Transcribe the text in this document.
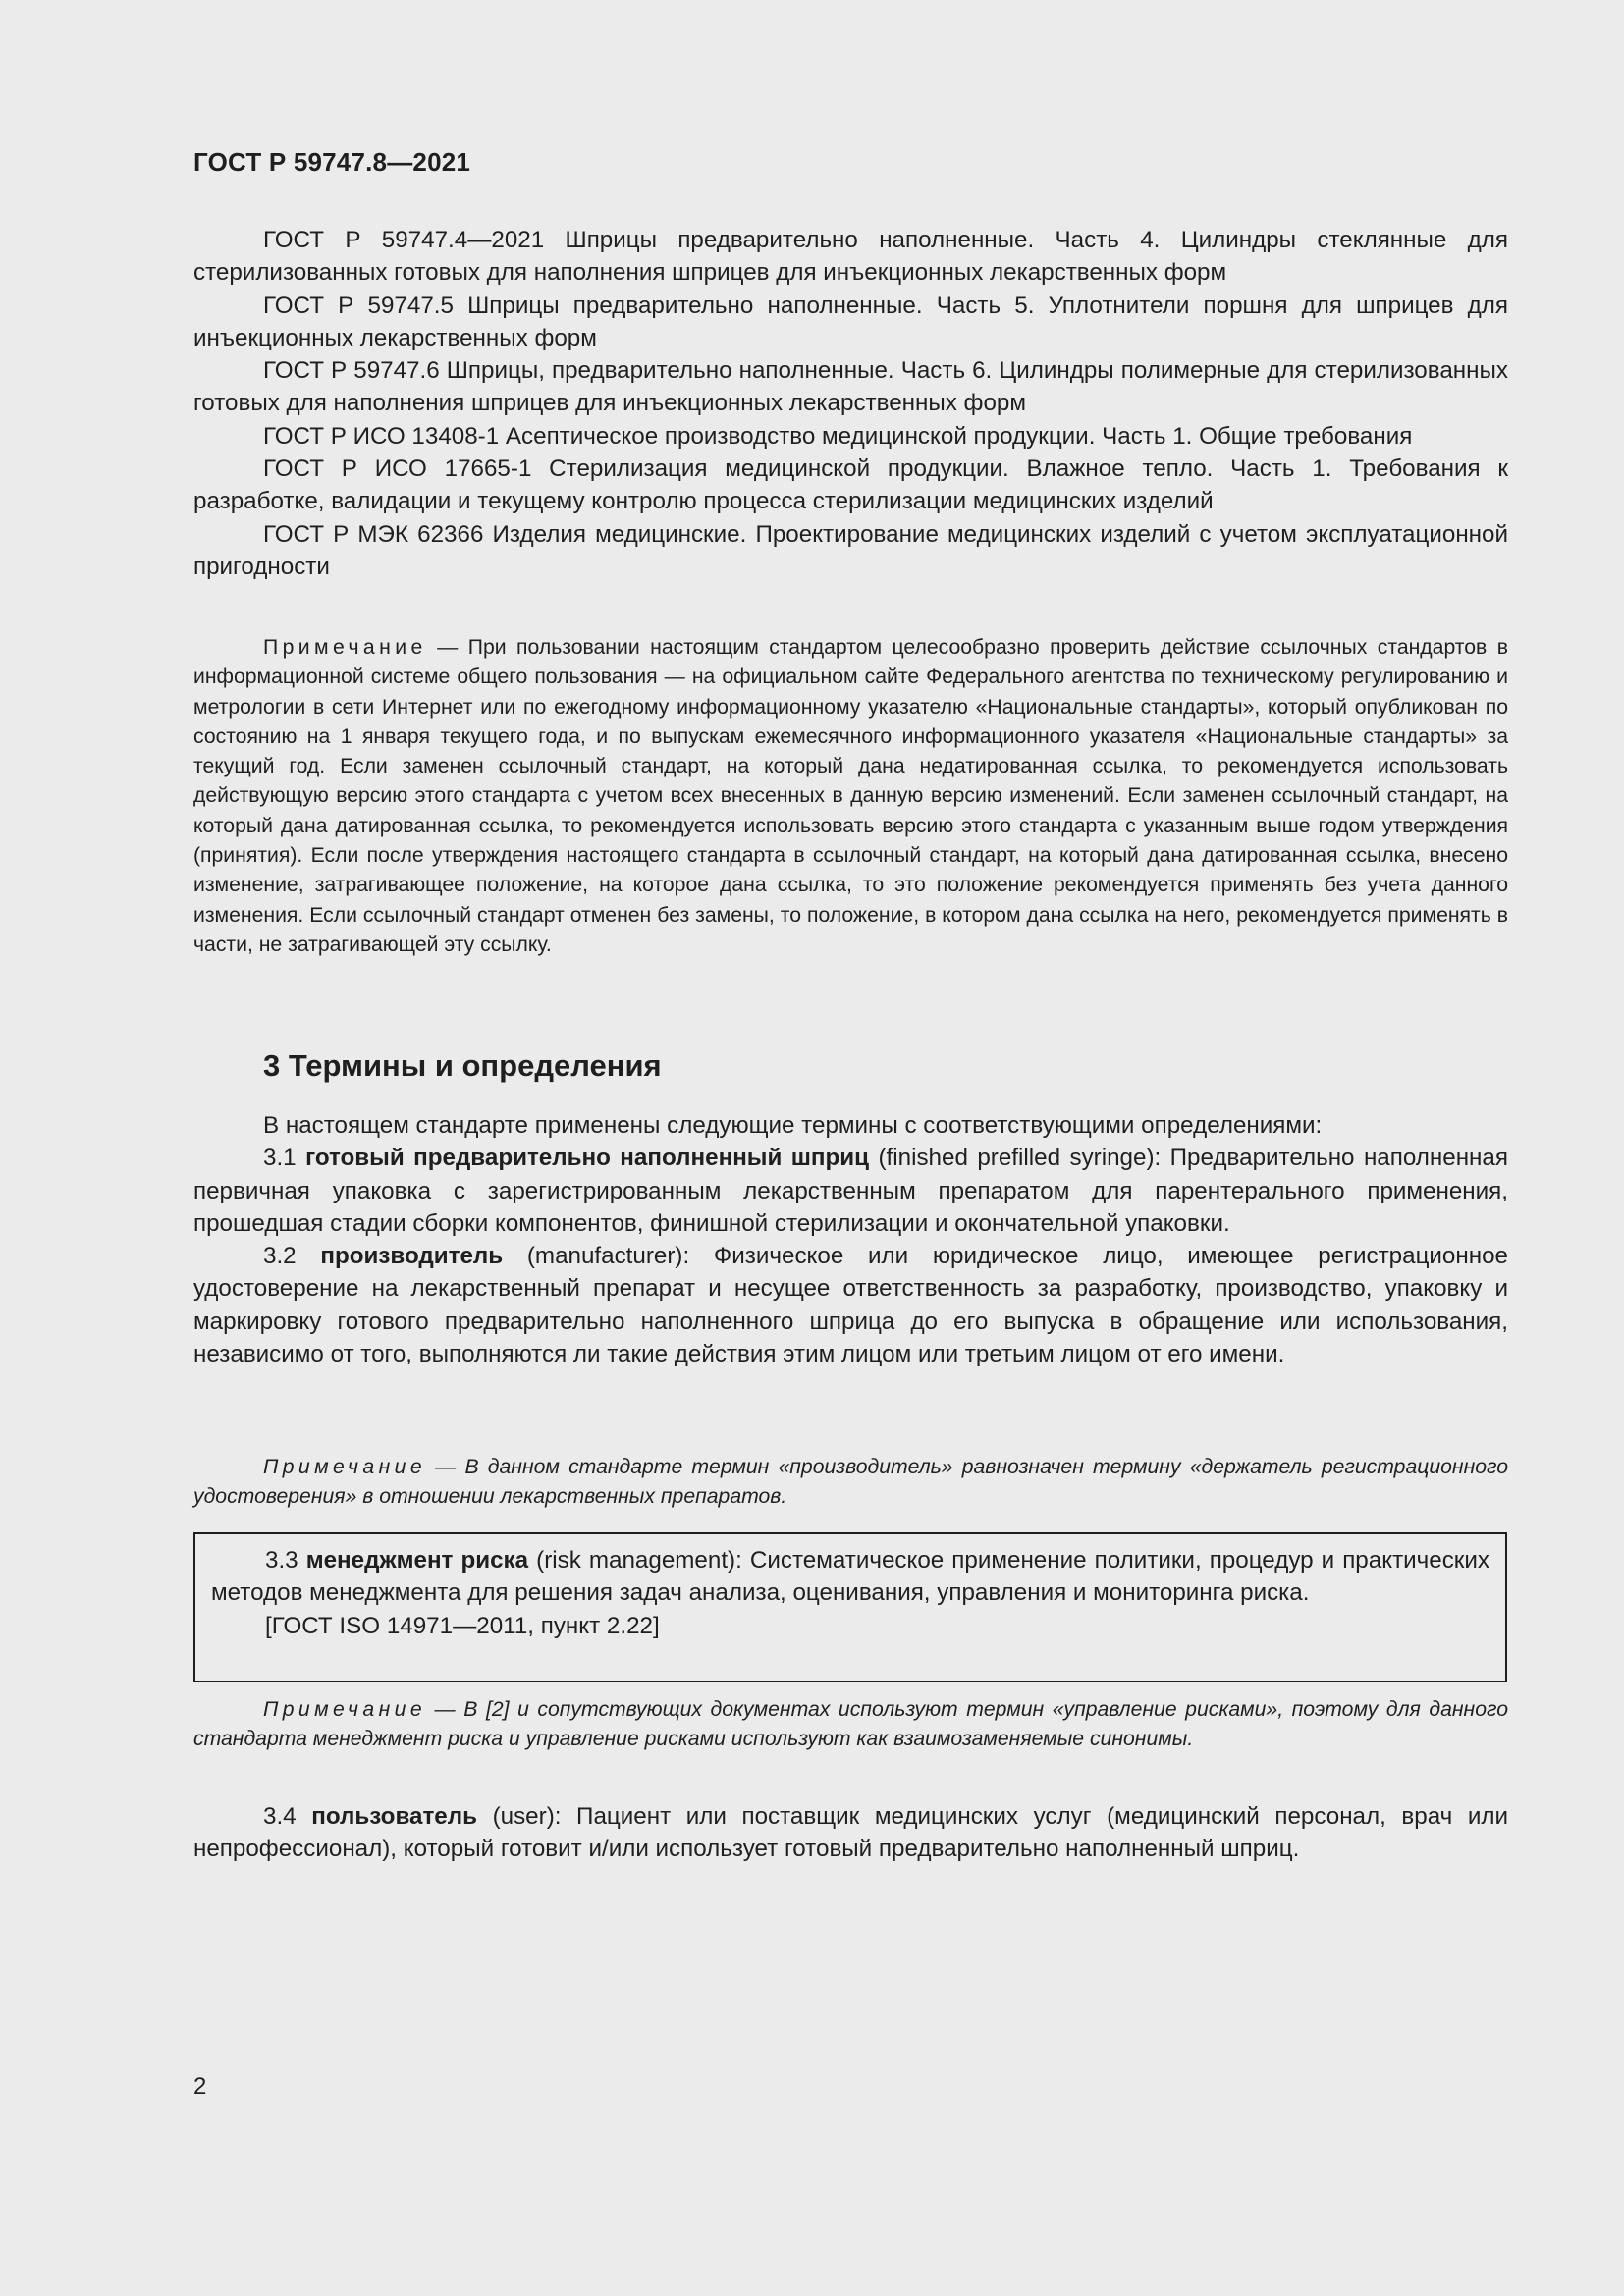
ГОСТ Р 59747.8—2021

ГОСТ Р 59747.4—2021 Шприцы предварительно наполненные. Часть 4. Цилиндры стеклянные для стерилизованных готовых для наполнения шприцев для инъекционных лекарственных форм

ГОСТ Р 59747.5 Шприцы предварительно наполненные. Часть 5. Уплотнители поршня для шприцев для инъекционных лекарственных форм

ГОСТ Р 59747.6 Шприцы, предварительно наполненные. Часть 6. Цилиндры полимерные для стерилизованных готовых для наполнения шприцев для инъекционных лекарственных форм

ГОСТ Р ИСО 13408-1 Асептическое производство медицинской продукции. Часть 1. Общие требования

ГОСТ Р ИСО 17665-1 Стерилизация медицинской продукции. Влажное тепло. Часть 1. Требования к разработке, валидации и текущему контролю процесса стерилизации медицинских изделий

ГОСТ Р МЭК 62366 Изделия медицинские. Проектирование медицинских изделий с учетом эксплуатационной пригодности

Примечание — При пользовании настоящим стандартом целесообразно проверить действие ссылочных стандартов в информационной системе общего пользования — на официальном сайте Федерального агентства по техническому регулированию и метрологии в сети Интернет или по ежегодному информационному указателю «Национальные стандарты», который опубликован по состоянию на 1 января текущего года, и по выпускам ежемесячного информационного указателя «Национальные стандарты» за текущий год. Если заменен ссылочный стандарт, на который дана недатированная ссылка, то рекомендуется использовать действующую версию этого стандарта с учетом всех внесенных в данную версию изменений. Если заменен ссылочный стандарт, на который дана датированная ссылка, то рекомендуется использовать версию этого стандарта с указанным выше годом утверждения (принятия). Если после утверждения настоящего стандарта в ссылочный стандарт, на который дана датированная ссылка, внесено изменение, затрагивающее положение, на которое дана ссылка, то это положение рекомендуется применять без учета данного изменения. Если ссылочный стандарт отменен без замены, то положение, в котором дана ссылка на него, рекомендуется применять в части, не затрагивающей эту ссылку.

3 Термины и определения

В настоящем стандарте применены следующие термины с соответствующими определениями:

3.1 готовый предварительно наполненный шприц (finished prefilled syringe): Предварительно наполненная первичная упаковка с зарегистрированным лекарственным препаратом для парентерального применения, прошедшая стадии сборки компонентов, финишной стерилизации и окончательной упаковки.

3.2 производитель (manufacturer): Физическое или юридическое лицо, имеющее регистрационное удостоверение на лекарственный препарат и несущее ответственность за разработку, производство, упаковку и маркировку готового предварительно наполненного шприца до его выпуска в обращение или использования, независимо от того, выполняются ли такие действия этим лицом или третьим лицом от его имени.

Примечание — В данном стандарте термин «производитель» равнозначен термину «держатель регистрационного удостоверения» в отношении лекарственных препаратов.

3.3 менеджмент риска (risk management): Систематическое применение политики, процедур и практических методов менеджмента для решения задач анализа, оценивания, управления и мониторинга риска.

[ГОСТ ISO 14971—2011, пункт 2.22]

Примечание — В [2] и сопутствующих документах используют термин «управление рисками», поэтому для данного стандарта менеджмент риска и управление рисками используют как взаимозаменяемые синонимы.

3.4 пользователь (user): Пациент или поставщик медицинских услуг (медицинский персонал, врач или непрофессионал), который готовит и/или использует готовый предварительно наполненный шприц.

2
